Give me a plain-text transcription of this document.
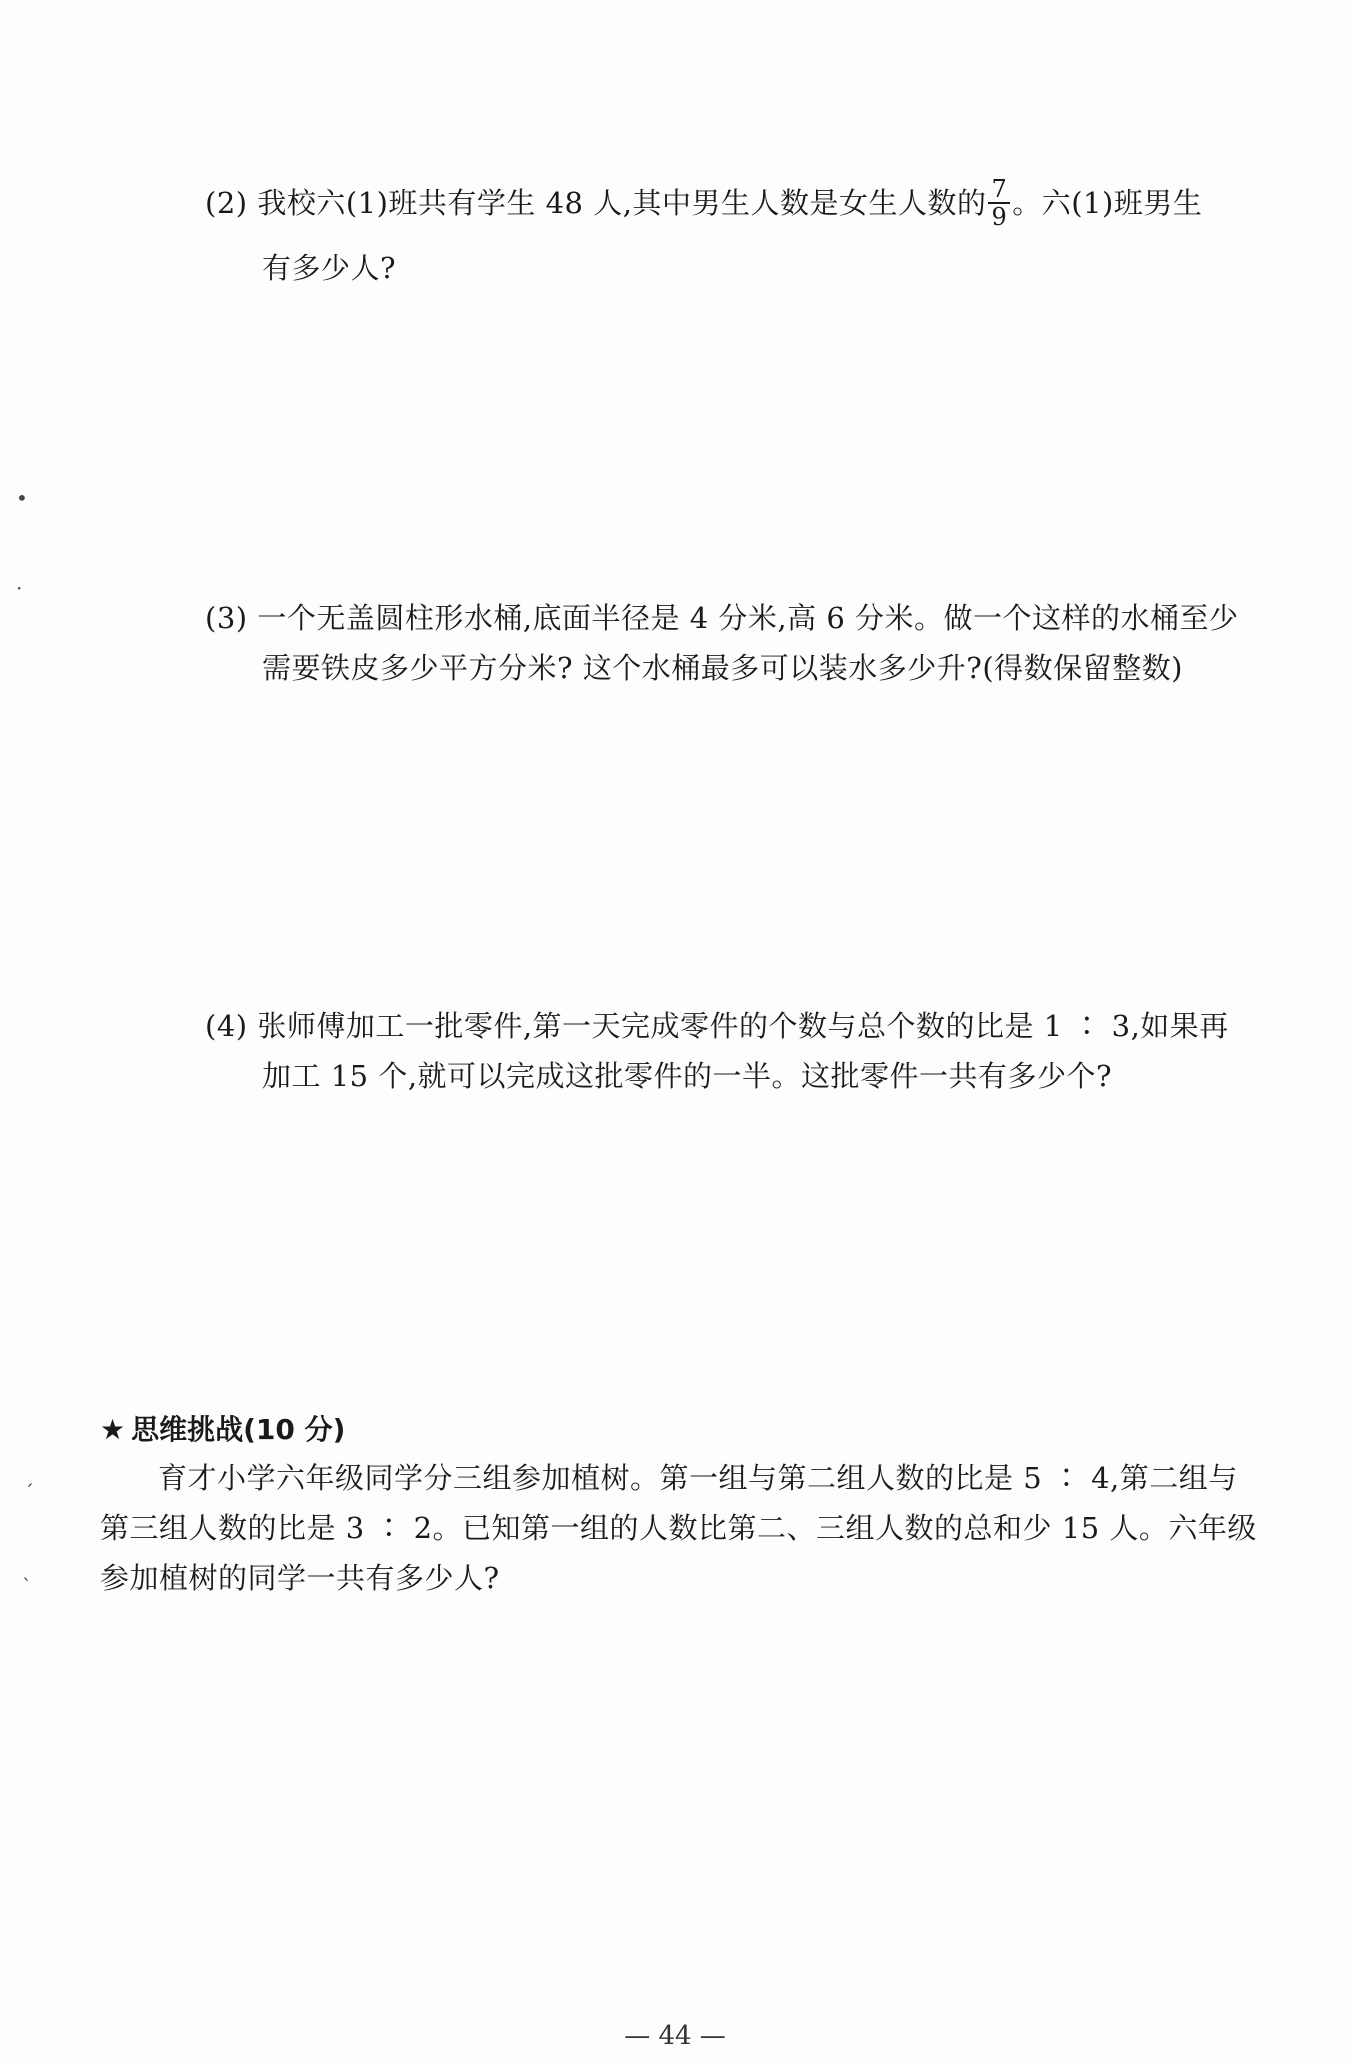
(2) 我校六(1)班共有学生 48 人,其中男生人数是女生人数的 $\frac{7}{9}$ 。六(1)班男生
有多少人?
(3) 一个无盖圆柱形水桶,底面半径是 4 分米,高 6 分米。做一个这样的水桶至少
需要铁皮多少平方分米? 这个水桶最多可以装水多少升?(得数保留整数)
(4) 张师傅加工一批零件,第一天完成零件的个数与总个数的比是 1 ∶ 3,如果再
加工 15 个,就可以完成这批零件的一半。这批零件一共有多少个?
★ 思维挑战(10 分)
育才小学六年级同学分三组参加植树。第一组与第二组人数的比是 5 ∶ 4,第二组与
第三组人数的比是 3 ∶ 2。已知第一组的人数比第二、三组人数的总和少 15 人。六年级
参加植树的同学一共有多少人?
— 44 —
•
·
ˊ
ˋ
